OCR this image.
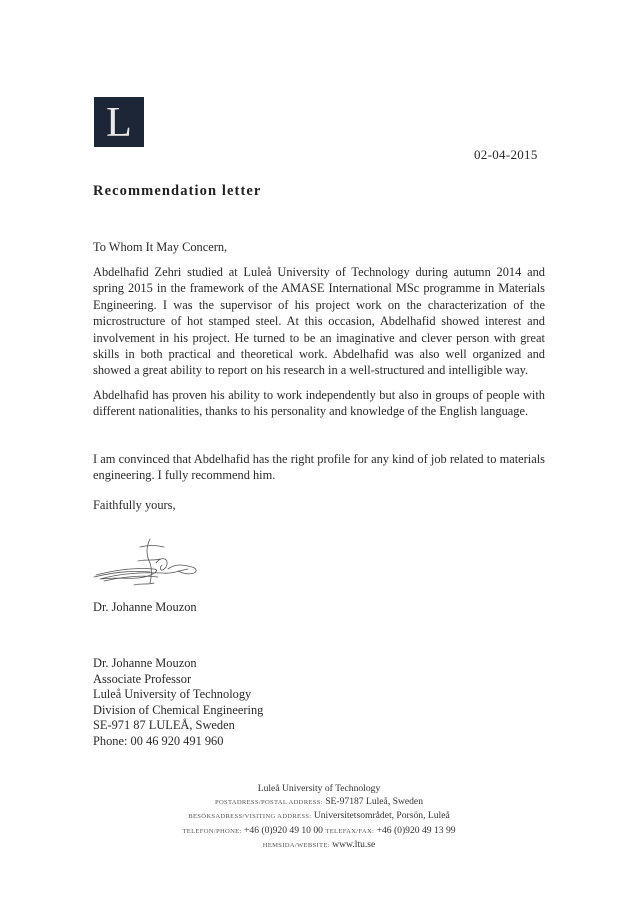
L
02-04-2015
Recommendation letter

To Whom It May Concern,

Abdelhafid Zehri studied at Luleå University of Technology during autumn 2014 and spring 2015 in the framework of the AMASE International MSc programme in Materials Engineering. I was the supervisor of his project work on the characterization of the microstructure of hot stamped steel. At this occasion, Abdelhafid showed interest and involvement in his project. He turned to be an imaginative and clever person with great skills in both practical and theoretical work. Abdelhafid was also well organized and showed a great ability to report on his research in a well-structured and intelligible way.

Abdelhafid has proven his ability to work independently but also in groups of people with different nationalities, thanks to his personality and knowledge of the English language.

I am convinced that Abdelhafid has the right profile for any kind of job related to materials engineering. I fully recommend him.

Faithfully yours,

Dr. Johanne Mouzon
Dr. Johanne Mouzon
Associate Professor
Luleå University of Technology
Division of Chemical Engineering
SE-971 87 LULEÅ, Sweden
Phone: 00 46 920 491 960
Luleå University of Technology
POSTADRESS/POSTAL ADDRESS: SE-97187 Luleå, Sweden
BESÖKSADRESS/VISITING ADDRESS: Universitetsområdet, Porsön, Luleå
TELEFON/PHONE: +46 (0)920 49 10 00 TELEFAX/FAX: +46 (0)920 49 13 99
HEMSIDA/WEBSITE: www.ltu.se
